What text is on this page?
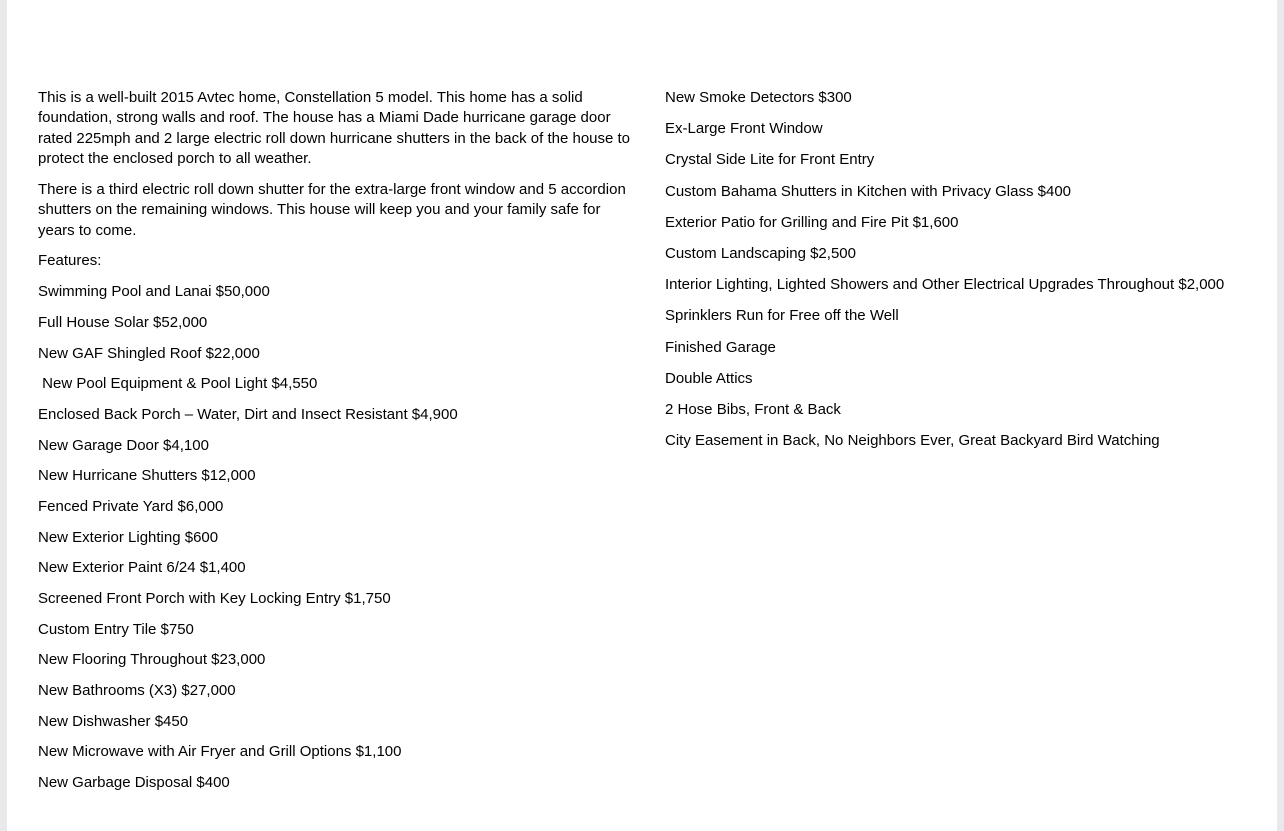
This is a well-built 2015 Avtec home, Constellation 5 model. This home has a solid foundation, strong walls and roof. The house has a Miami Dade hurricane garage door rated 225mph and 2 large electric roll down hurricane shutters in the back of the house to protect the enclosed porch to all weather.

There is a third electric roll down shutter for the extra-large front window and 5 accordion shutters on the remaining windows. This house will keep you and your family safe for years to come.

Features:
Swimming Pool and Lanai $50,000
Full House Solar $52,000
New GAF Shingled Roof $22,000
New Pool Equipment & Pool Light $4,550
Enclosed Back Porch – Water, Dirt and Insect Resistant $4,900
New Garage Door $4,100
New Hurricane Shutters $12,000
Fenced Private Yard $6,000
New Exterior Lighting $600
New Exterior Paint 6/24 $1,400
Screened Front Porch with Key Locking Entry $1,750
Custom Entry Tile $750
New Flooring Throughout $23,000
New Bathrooms (X3) $27,000
New Dishwasher $450
New Microwave with Air Fryer and Grill Options $1,100
New Garbage Disposal $400
New Smoke Detectors $300
Ex-Large Front Window
Crystal Side Lite for Front Entry
Custom Bahama Shutters in Kitchen with Privacy Glass $400
Exterior Patio for Grilling and Fire Pit $1,600
Custom Landscaping $2,500
Interior Lighting, Lighted Showers and Other Electrical Upgrades Throughout $2,000
Sprinklers Run for Free off the Well
Finished Garage
Double Attics
2 Hose Bibs, Front & Back
City Easement in Back, No Neighbors Ever, Great Backyard Bird Watching
